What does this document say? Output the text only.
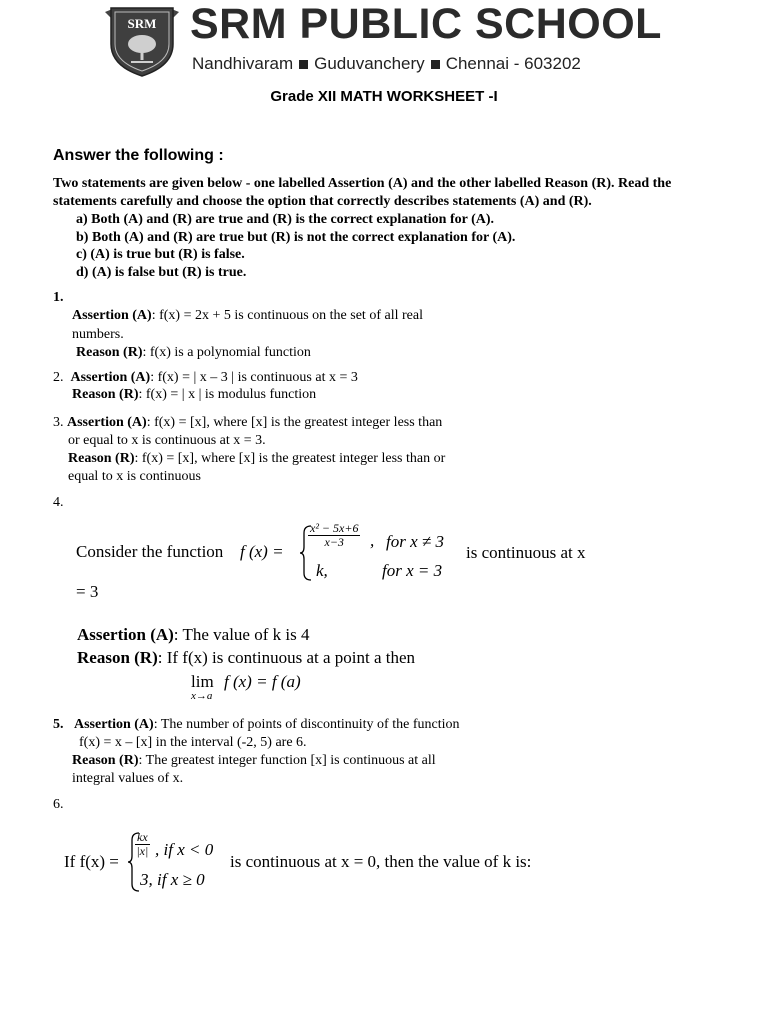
SRM SRM PUBLIC SCHOOL
Nandhivaram Guduvanchery Chennai - 603202
Grade XII MATH WORKSHEET -I
Answer the following :
Two statements are given below - one labelled Assertion (A) and the other labelled Reason (R). Read the
statements carefully and choose the option that correctly describes statements (A) and (R).
a) Both (A) and (R) are true and (R) is the correct explanation for (A).
b) Both (A) and (R) are true but (R) is not the correct explanation for (A).
c) (A) is true but (R) is false.
d) (A) is false but (R) is true.
1.
Assertion (A): f(x) = 2x + 5 is continuous on the set of all real
numbers.
Reason (R): f(x) is a polynomial function
2. Assertion (A): f(x) = | x – 3 | is continuous at x = 3
Reason (R): f(x) = | x | is modulus function
3. Assertion (A): f(x) = [x], where [x] is the greatest integer less than
or equal to x is continuous at x = 3.
Reason (R): f(x) = [x], where [x] is the greatest integer less than or
equal to x is continuous
4.
Consider the function f (x) =
$\frac{\text{x² − 5x+6}}{x-3}$ , for x ≠ 3
k,	for x = 3
is continuous at x
= 3
Assertion (A): The value of k is 4
Reason (R): If f(x) is continuous at a point a then
lim
x→a
f (x) = f (a)
5. Assertion (A): The number of points of discontinuity of the function
f(x) = x – [x] in the interval (-2, 5) are 6.
Reason (R): The greatest integer function [x] is continuous at all
integral values of x.
6.
If f(x) =
$\frac{kx}{|x|}$ , if x < 0
3, if x ≥ 0
is continuous at x = 0, then the value of k is:
